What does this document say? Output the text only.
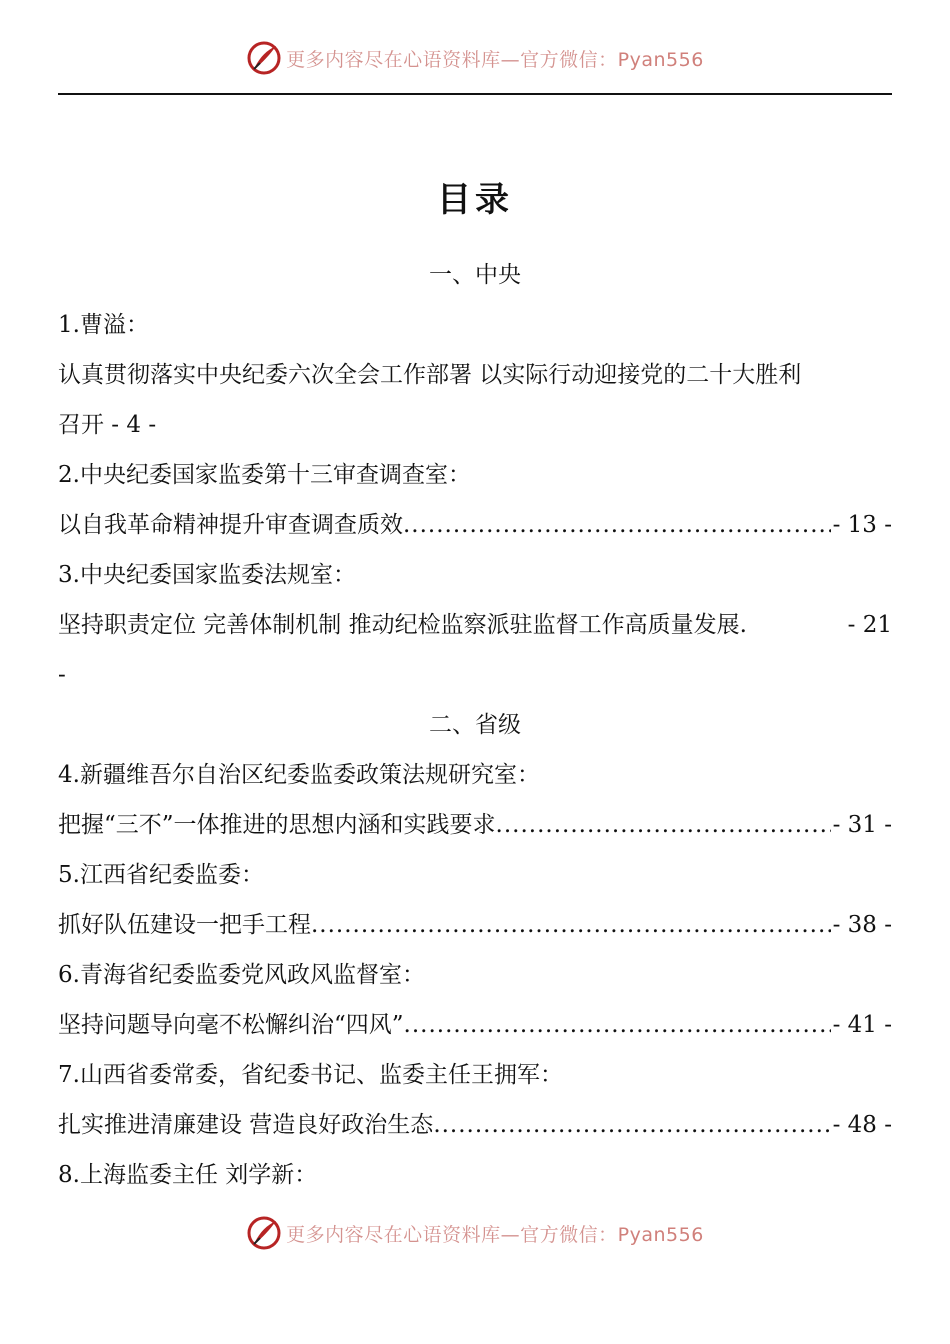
更多内容尽在心语资料库—官方微信：Pyan556
目录
一、中央
1.曹溢：
认真贯彻落实中央纪委六次全会工作部署 以实际行动迎接党的二十大胜利
召开 - 4 -
2.中央纪委国家监委第十三审查调查室：
以自我革命精神提升审查调查质效 .....	- 13 -
3.中央纪委国家监委法规室：
坚持职责定位 完善体制机制 推动纪检监察派驻监督工作高质量发展.	- 21
-
二、省级
4.新疆维吾尔自治区纪委监委政策法规研究室：
把握“三不”一体推进的思想内涵和实践要求 .....	- 31 -
5.江西省纪委监委：
抓好队伍建设一把手工程 .....	- 38 -
6.青海省纪委监委党风政风监督室：
坚持问题导向毫不松懈纠治“四风” .....	- 41 -
7.山西省委常委，省纪委书记、监委主任王拥军：
扎实推进清廉建设 营造良好政治生态 .....	- 48 -
8.上海监委主任 刘学新：
更多内容尽在心语资料库—官方微信：Pyan556
